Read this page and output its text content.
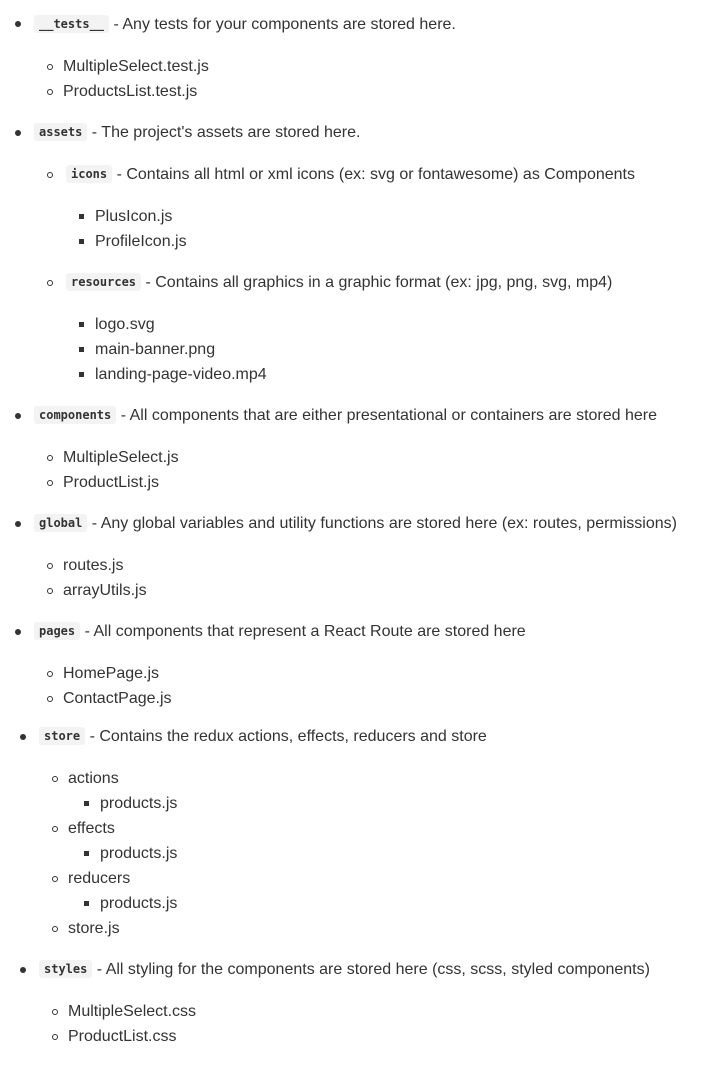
__tests__ - Any tests for your components are stored here.
MultipleSelect.test.js
ProductsList.test.js
assets - The project's assets are stored here.
icons - Contains all html or xml icons (ex: svg or fontawesome) as Components
PlusIcon.js
ProfileIcon.js
resources - Contains all graphics in a graphic format (ex: jpg, png, svg, mp4)
logo.svg
main-banner.png
landing-page-video.mp4
components - All components that are either presentational or containers are stored here
MultipleSelect.js
ProductList.js
global - Any global variables and utility functions are stored here (ex: routes, permissions)
routes.js
arrayUtils.js
pages - All components that represent a React Route are stored here
HomePage.js
ContactPage.js
store - Contains the redux actions, effects, reducers and store
actions
products.js
effects
products.js
reducers
products.js
store.js
styles - All styling for the components are stored here (css, scss, styled components)
MultipleSelect.css
ProductList.css
